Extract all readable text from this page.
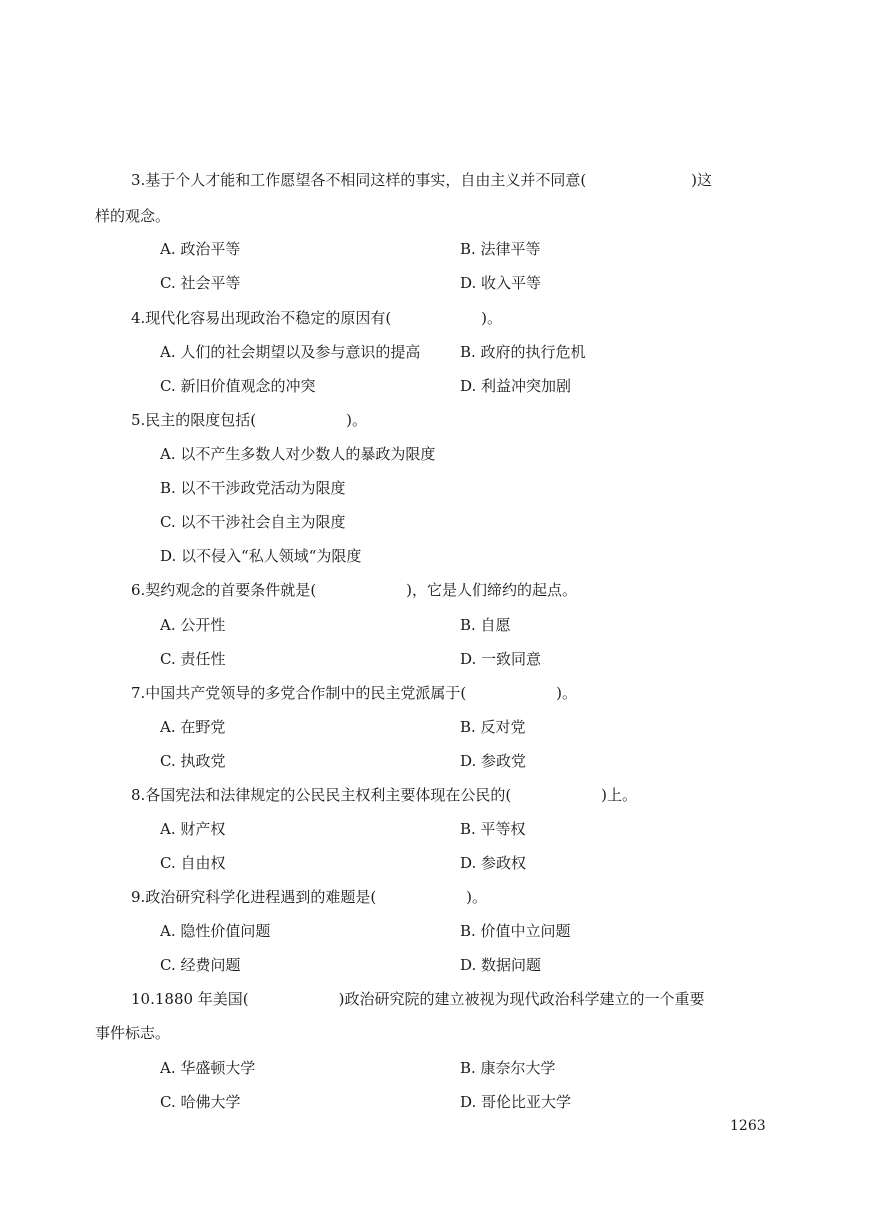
3.基于个人才能和工作愿望各不相同这样的事实，自由主义并不同意(　　　　　　　)这
样的观念。
A. 政治平等	B. 法律平等
C. 社会平等	D. 收入平等
4.现代化容易出现政治不稳定的原因有(　　　　　　)。
A. 人们的社会期望以及参与意识的提高	B. 政府的执行危机
C. 新旧价值观念的冲突	D. 利益冲突加剧
5.民主的限度包括(　　　　　　)。
A. 以不产生多数人对少数人的暴政为限度
B. 以不干涉政党活动为限度
C. 以不干涉社会自主为限度
D. 以不侵入“私人领域“为限度
6.契约观念的首要条件就是(　　　　　　)，它是人们缔约的起点。
A. 公开性	B. 自愿
C. 责任性	D. 一致同意
7.中国共产党领导的多党合作制中的民主党派属于(　　　　　　)。
A. 在野党	B. 反对党
C. 执政党	D. 参政党
8.各国宪法和法律规定的公民民主权利主要体现在公民的(　　　　　　)上。
A. 财产权	B. 平等权
C. 自由权	D. 参政权
9.政治研究科学化进程遇到的难题是(　　　　　　)。
A. 隐性价值问题	B. 价值中立问题
C. 经费问题	D. 数据问题
10.1880 年美国(　　　　　　)政治研究院的建立被视为现代政治科学建立的一个重要
事件标志。
A. 华盛顿大学	B. 康奈尔大学
C. 哈佛大学	D. 哥伦比亚大学
1263
